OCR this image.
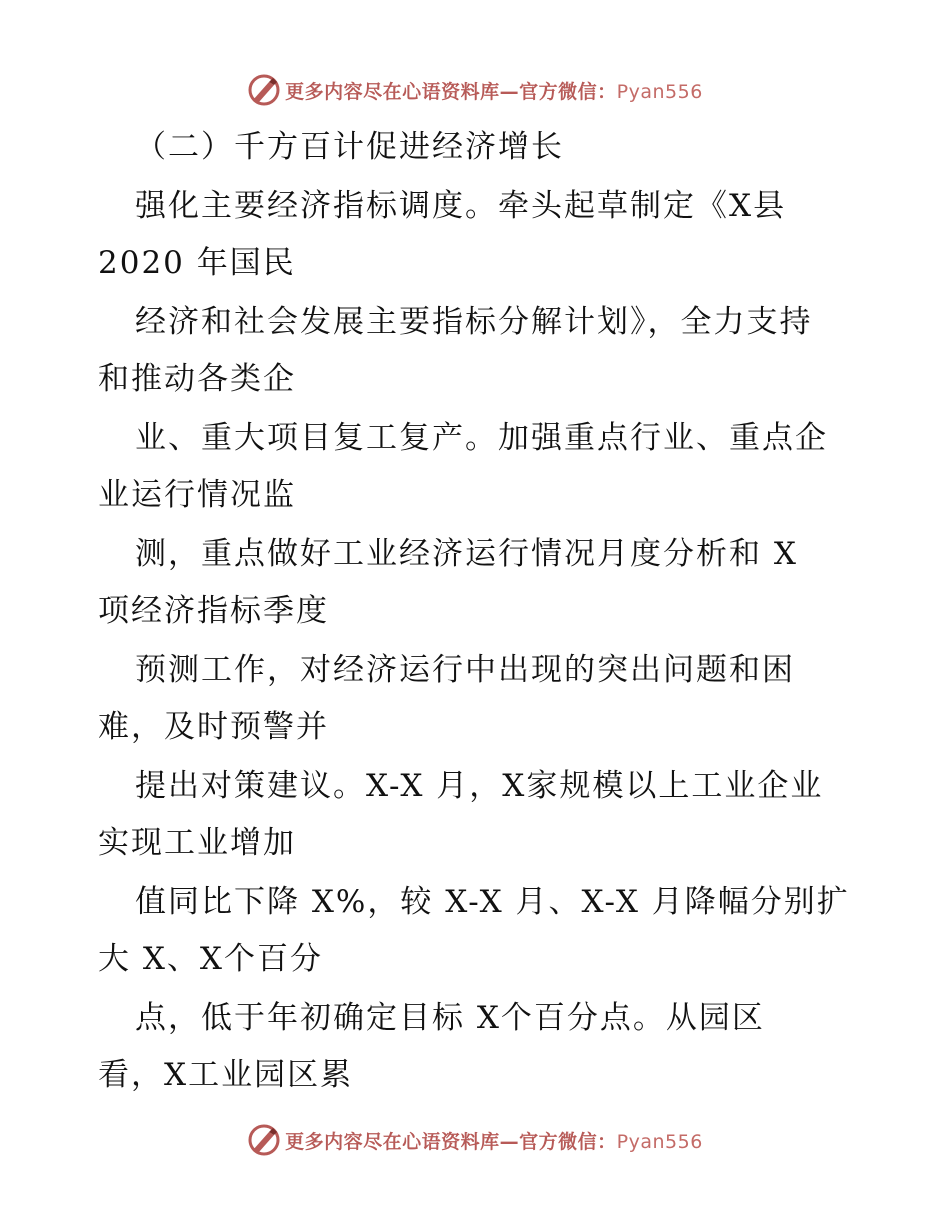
更多内容尽在心语资料库—官方微信：Pyan556
（二）千方百计促进经济增长
强化主要经济指标调度。牵头起草制定《X县
2020 年国民
经济和社会发展主要指标分解计划》，全力支持
和推动各类企
业、重大项目复工复产。加强重点行业、重点企
业运行情况监
测，重点做好工业经济运行情况月度分析和 X
项经济指标季度
预测工作，对经济运行中出现的突出问题和困
难，及时预警并
提出对策建议。X-X 月，X家规模以上工业企业
实现工业增加
值同比下降 X%，较 X-X 月、X-X 月降幅分别扩
大 X、X个百分
点，低于年初确定目标 X个百分点。从园区
看，X工业园区累
更多内容尽在心语资料库—官方微信：Pyan556
